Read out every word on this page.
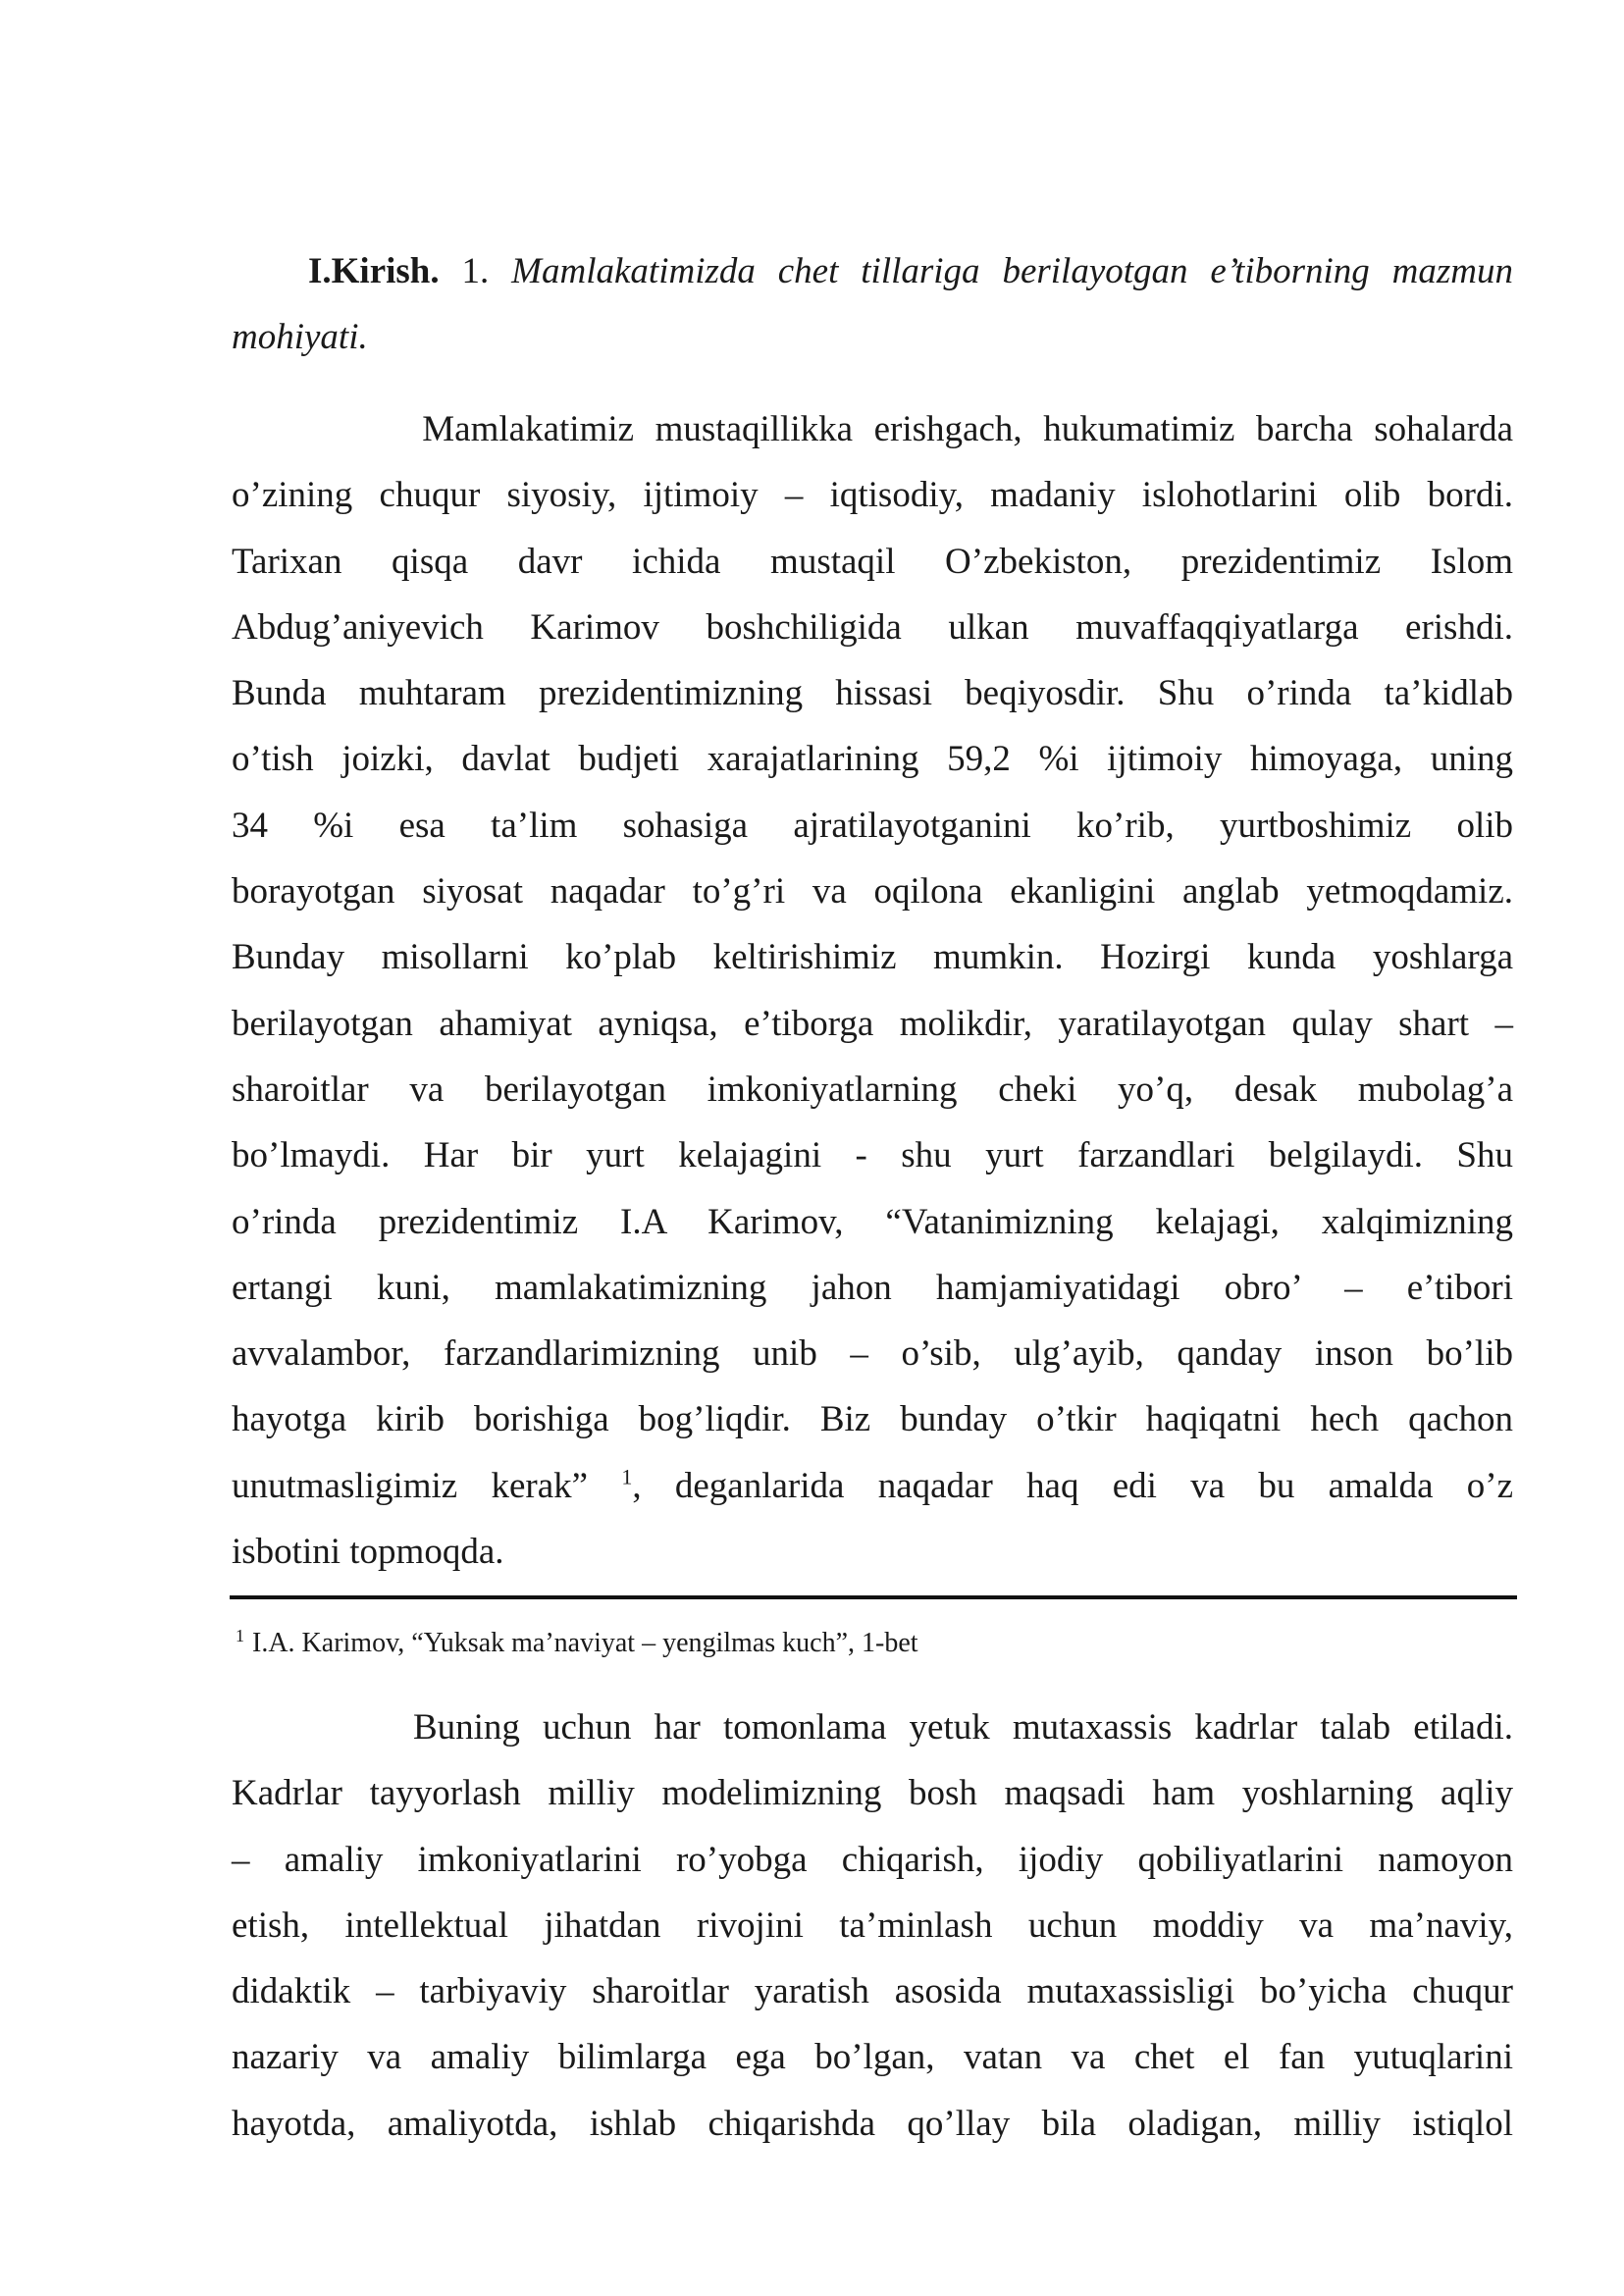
I.Kirish. 1. Mamlakatimizda chet tillariga berilayotgan e’tiborning mazmun mohiyati.

Mamlakatimiz mustaqillikka erishgach, hukumatimiz barcha sohalarda
o’zining chuqur siyosiy, ijtimoiy – iqtisodiy, madaniy islohotlarini olib bordi.
Tarixan qisqa davr ichida mustaqil O’zbekiston, prezidentimiz Islom
Abdug’aniyevich Karimov boshchiligida ulkan muvaffaqqiyatlarga erishdi.
Bunda muhtaram prezidentimizning hissasi beqiyosdir. Shu o’rinda ta’kidlab
o’tish joizki, davlat budjeti xarajatlarining 59,2 %i ijtimoiy himoyaga, uning
34 %i esa ta’lim sohasiga ajratilayotganini ko’rib, yurtboshimiz olib
borayotgan siyosat naqadar to’g’ri va oqilona ekanligini anglab yetmoqdamiz.
Bunday misollarni ko’plab keltirishimiz mumkin. Hozirgi kunda yoshlarga
berilayotgan ahamiyat ayniqsa, e’tiborga molikdir, yaratilayotgan qulay shart –
sharoitlar va berilayotgan imkoniyatlarning cheki yo’q, desak mubolag’a
bo’lmaydi. Har bir yurt kelajagini - shu yurt farzandlari belgilaydi. Shu
o’rinda prezidentimiz I.A Karimov, “Vatanimizning kelajagi, xalqimizning
ertangi kuni, mamlakatimizning jahon hamjamiyatidagi obro’ – e’tibori
avvalambor, farzandlarimizning unib – o’sib, ulg’ayib, qanday inson bo’lib
hayotga kirib borishiga bog’liqdir. Biz bunday o’tkir haqiqatni hech qachon
unutmasligimiz kerak” $^1$, deganlarida naqadar haq edi va bu amalda o’z
isbotini topmoqda.

$^1$ I.A. Karimov, “Yuksak ma’naviyat – yengilmas kuch”, 1-bet

Buning uchun har tomonlama yetuk mutaxassis kadrlar talab etiladi.
Kadrlar tayyorlash milliy modelimizning bosh maqsadi ham yoshlarning aqliy
– amaliy imkoniyatlarini ro’yobga chiqarish, ijodiy qobiliyatlarini namoyon
etish, intellektual jihatdan rivojini ta’minlash uchun moddiy va ma’naviy,
didaktik – tarbiyaviy sharoitlar yaratish asosida mutaxassisligi bo’yicha chuqur
nazariy va amaliy bilimlarga ega bo’lgan, vatan va chet el fan yutuqlarini
hayotda, amaliyotda, ishlab chiqarishda qo’llay bila oladigan, milliy istiqlol
